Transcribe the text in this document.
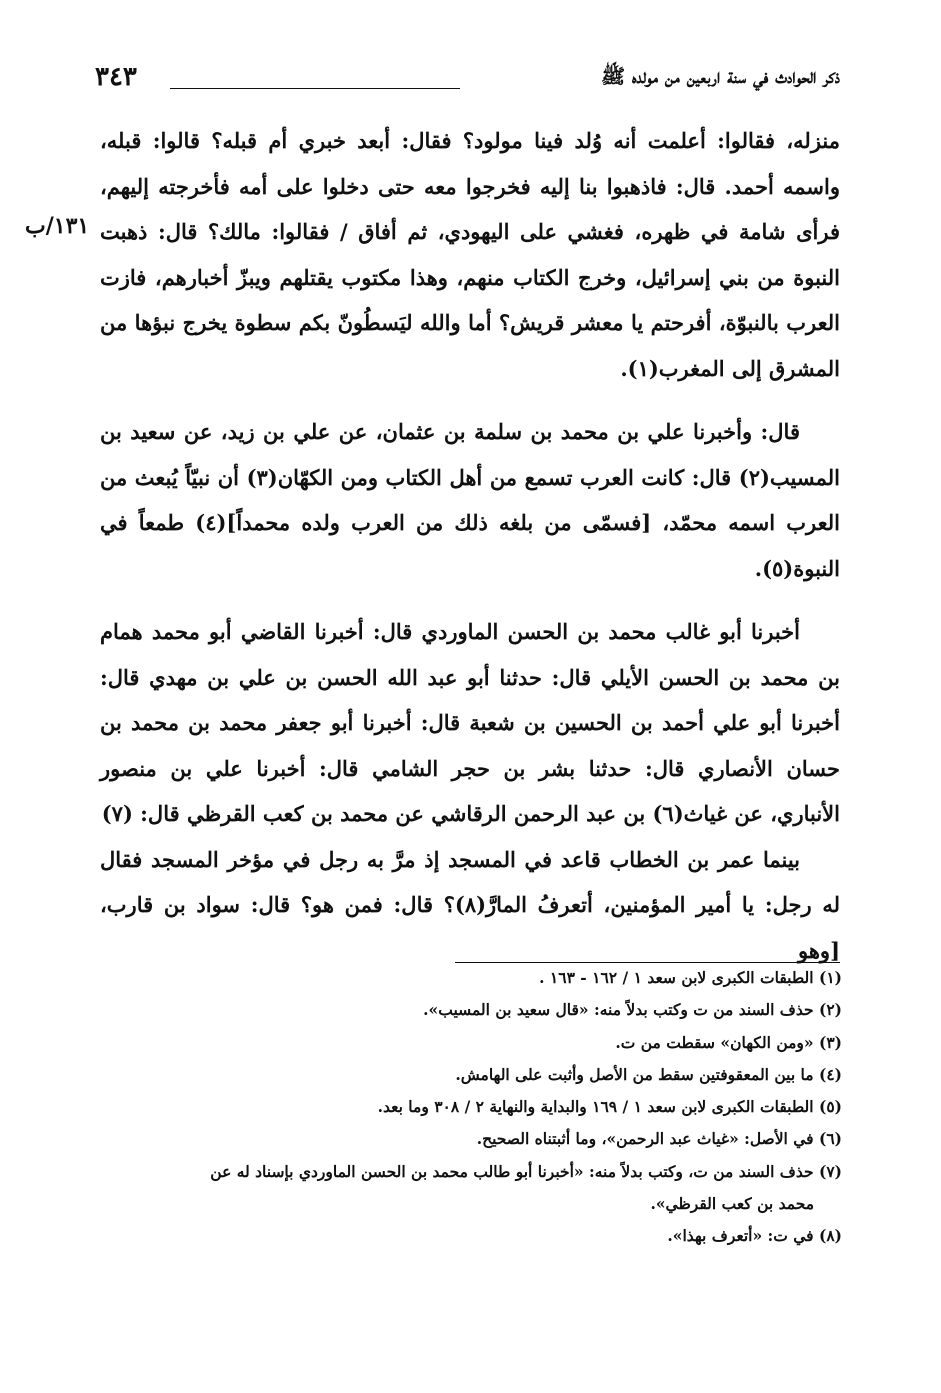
٣٤٣	ذكر الحوادث في سنة اربعين من مولده ﷺ
١٣١/ب

منزله، فقالوا: أعلمت أنه وُلد فينا مولود؟ فقال: أبعد خبري أم قبله؟ قالوا: قبله، واسمه أحمد. قال: فاذهبوا بنا إليه فخرجوا معه حتى دخلوا على أمه فأخرجته إليهم، فرأى شامة في ظهره، فغشي على اليهودي، ثم أفاق / فقالوا: مالك؟ قال: ذهبت النبوة من بني إسرائيل، وخرج الكتاب منهم، وهذا مكتوب يقتلهم ويبزّ أخبارهم، فازت العرب بالنبوّة، أفرحتم يا معشر قريش؟ أما والله ليَسطُونّ بكم سطوة يخرج نبؤها من المشرق إلى المغرب(١).

قال: وأخبرنا علي بن محمد بن سلمة بن عثمان، عن علي بن زيد، عن سعيد بن المسيب(٢) قال: كانت العرب تسمع من أهل الكتاب ومن الكهّان(٣) أن نبيّاً يُبعث من العرب اسمه محمّد، [فسمّى من بلغه ذلك من العرب ولده محمداً](٤) طمعاً في النبوة(٥).

أخبرنا أبو غالب محمد بن الحسن الماوردي قال: أخبرنا القاضي أبو محمد همام بن محمد بن الحسن الأيلي قال: حدثنا أبو عبد الله الحسن بن علي بن مهدي قال: أخبرنا أبو علي أحمد بن الحسين بن شعبة قال: أخبرنا أبو جعفر محمد بن محمد بن حسان الأنصاري قال: حدثنا بشر بن حجر الشامي قال: أخبرنا علي بن منصور الأنباري، عن غياث(٦) بن عبد الرحمن الرقاشي عن محمد بن كعب القرظي قال: (٧)

بينما عمر بن الخطاب قاعد في المسجد إذ مرَّ به رجل في مؤخر المسجد فقال له رجل: يا أمير المؤمنين، أتعرفُ المارَّ(٨)؟ قال: فمن هو؟ قال: سواد بن قارب، [وهو

(١) الطبقات الكبرى لابن سعد ١ / ١٦٢ - ١٦٣ .

(٢) حذف السند من ت وكتب بدلاً منه: «قال سعيد بن المسيب».

(٣) «ومن الكهان» سقطت من ت.

(٤) ما بين المعقوفتين سقط من الأصل وأثبت على الهامش.

(٥) الطبقات الكبرى لابن سعد ١ / ١٦٩ والبداية والنهاية ٢ / ٣٠٨ وما بعد.

(٦) في الأصل: «غياث عبد الرحمن»، وما أثبتناه الصحيح.

(٧) حذف السند من ت، وكتب بدلاً منه: «أخبرنا أبو طالب محمد بن الحسن الماوردي بإسناد له عن

محمد بن كعب القرظي».

(٨) في ت: «أتعرف بهذا».
